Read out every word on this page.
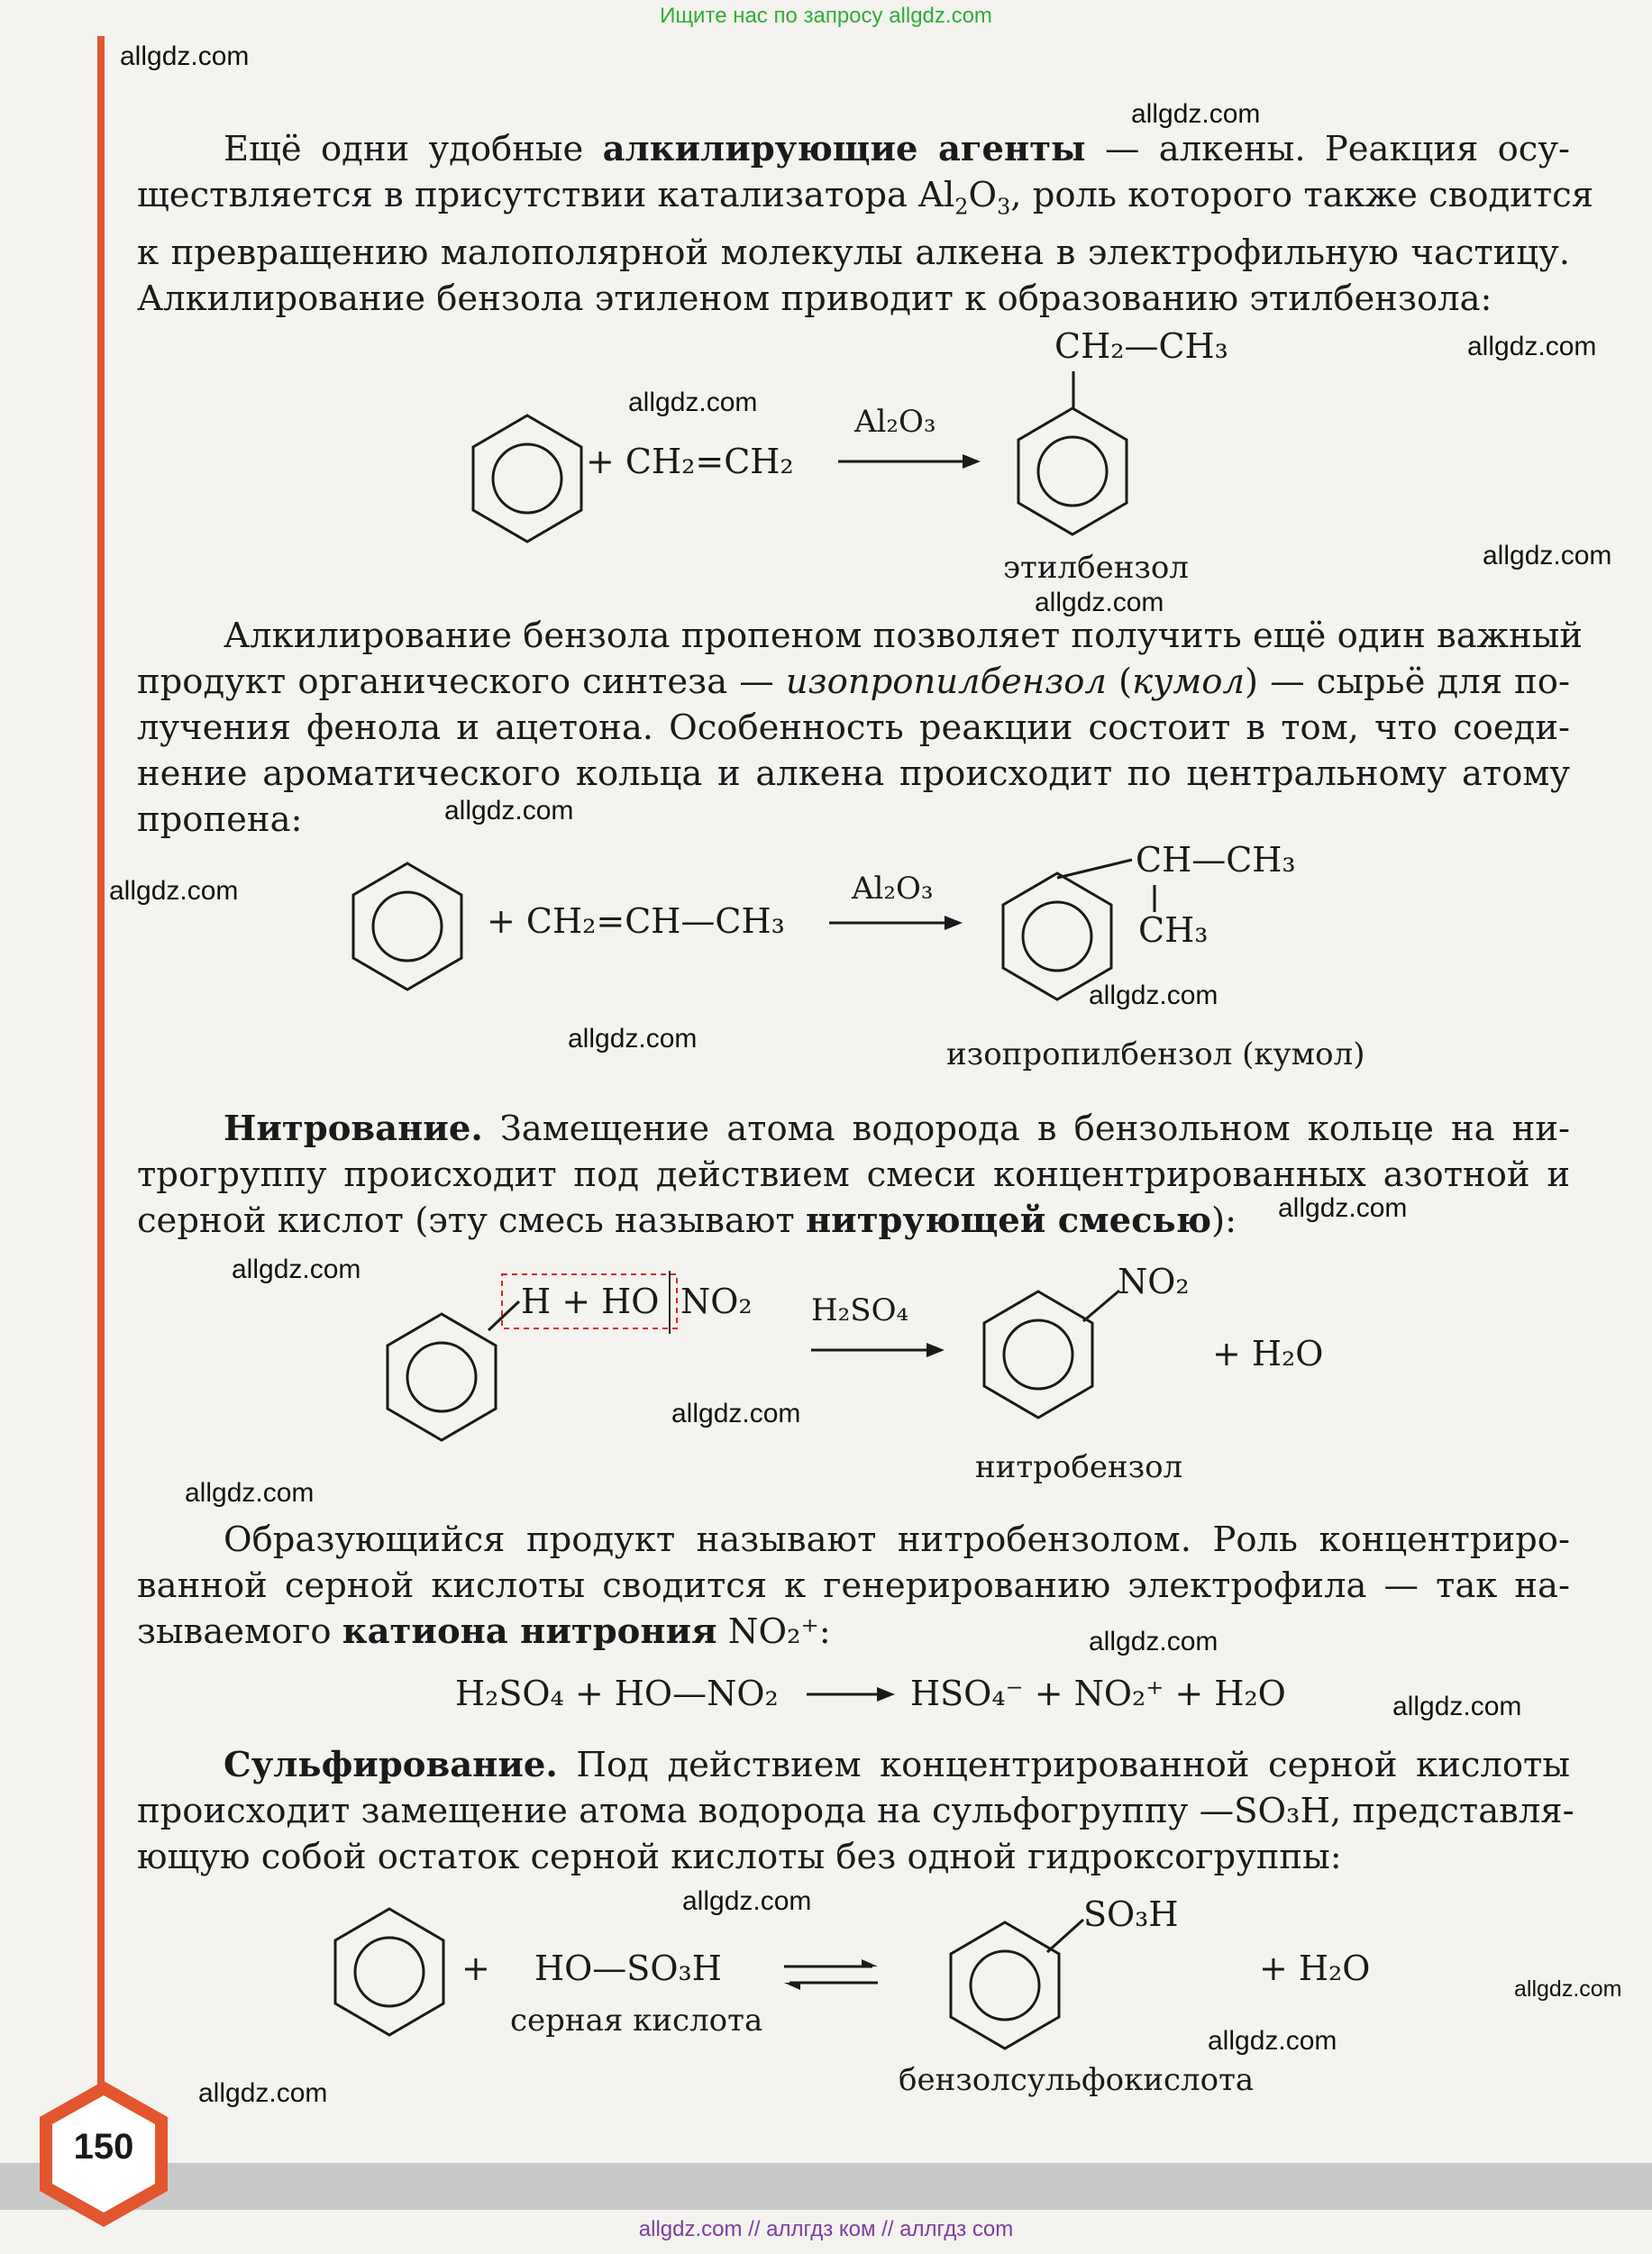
Ищите нас по запросу allgdz.com
allgdz.com
allgdz.com
allgdz.com
allgdz.com
allgdz.com
allgdz.com
allgdz.com
allgdz.com
allgdz.com
allgdz.com
allgdz.com
allgdz.com
allgdz.com
allgdz.com
allgdz.com
allgdz.com
allgdz.com
allgdz.com
allgdz.com
allgdz.com
Ещё одни удобные алкилирующие агенты — алкены. Реакция осу-
ществляется в присутствии катализатора $Al_2O_3$, роль которого также сводится
к превращению малополярной молекулы алкена в электрофильную частицу.
Алкилирование бензола этиленом приводит к образованию этилбензола:
+ CH₂=CH₂
Al₂O₃
CH₂—CH₃
этилбензол
Алкилирование бензола пропеном позволяет получить ещё один важный
продукт органического синтеза — изопропилбензол (кумол) — сырьё для по-
лучения фенола и ацетона. Особенность реакции состоит в том, что соеди-
нение ароматического кольца и алкена происходит по центральному атому
пропена:
+ CH₂=CH—CH₃
Al₂O₃
CH—CH₃
CH₃
изопропилбензол (кумол)
Нитрование. Замещение атома водорода в бензольном кольце на ни-
трогруппу происходит под действием смеси концентрированных азотной и
серной кислот (эту смесь называют нитрующей смесью):
H + HO NO₂ H₂SO₄
NO₂
+ H₂O
нитробензол
Образующийся продукт называют нитробензолом. Роль концентриро-
ванной серной кислоты сводится к генерированию электрофила — так на-
зываемого катиона нитрония NO₂⁺:
H₂SO₄ + HO—NO₂	HSO₄⁻ + NO₂⁺ + H₂O
Сульфирование. Под действием концентрированной серной кислоты
происходит замещение атома водорода на сульфогруппу —SO₃H, представля-
ющую собой остаток серной кислоты без одной гидроксогруппы:
+ HO—SO₃H
серная кислота
SO₃H
+ H₂O
бензолсульфокислота
150
allgdz.com // аллгдз ком // аллгдз com
